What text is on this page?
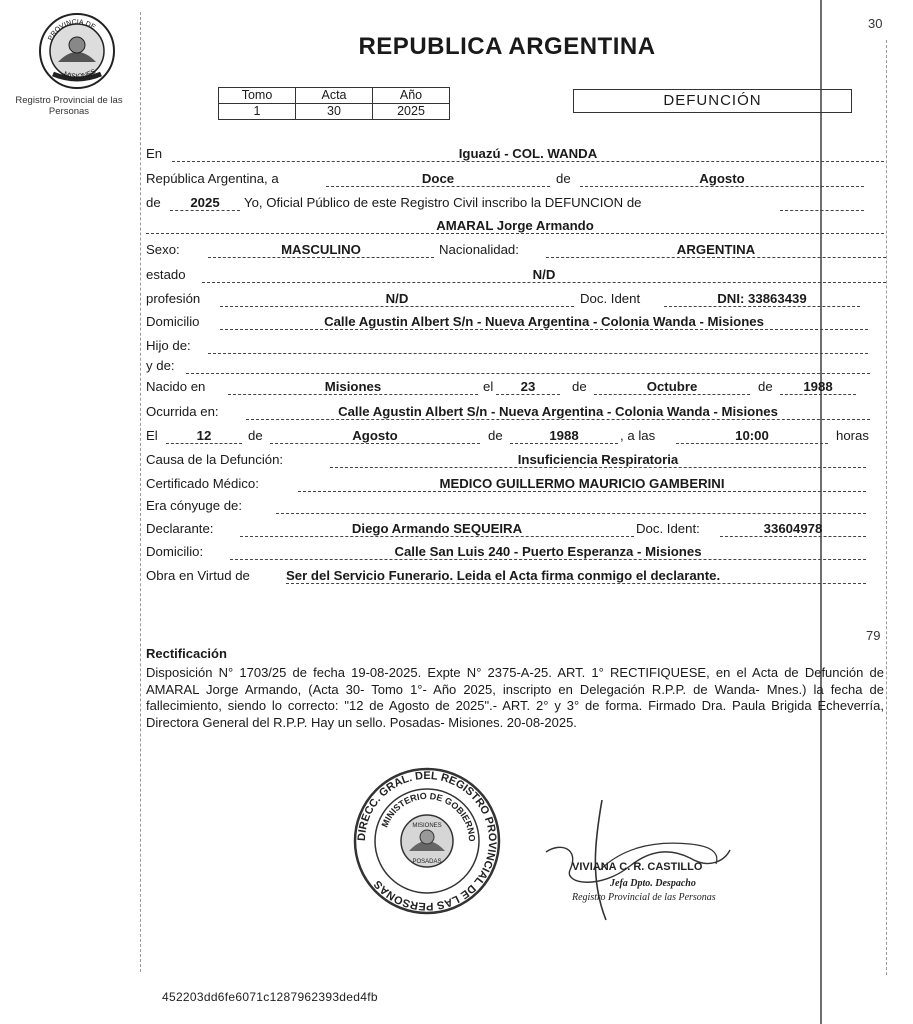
30
PROVINCIA DE
MISIONES
Registro Provincial de las Personas
REPUBLICA ARGENTINA
Tomo	Acta	Año
1	30	2025
DEFUNCIÓN
En	Iguazú - COL. WANDA
República Argentina, a	Doce	de	Agosto
de	2025	Yo, Oficial Público de este Registro Civil inscribo la DEFUNCION de
AMARAL Jorge Armando
Sexo:	MASCULINO	Nacionalidad:	ARGENTINA
estado	N/D
profesión	N/D	Doc. Ident	DNI: 33863439
Domicilio	Calle Agustin Albert S/n - Nueva Argentina - Colonia Wanda - Misiones
Hijo de:
y de:
Nacido en	Misiones	el	23	de	Octubre	de	1988
Ocurrida en:	Calle Agustin Albert S/n - Nueva Argentina - Colonia Wanda - Misiones
El	12	de	Agosto	de	1988	, a las	10:00	horas
Causa de la Defunción:	Insuficiencia Respiratoria
Certificado Médico:	MEDICO GUILLERMO MAURICIO GAMBERINI
Era cónyuge de:
Declarante:	Diego Armando SEQUEIRA	Doc. Ident:	33604978
Domicilio:	Calle San Luis 240 - Puerto Esperanza - Misiones
Obra en Virtud de	Ser del Servicio Funerario. Leida el Acta firma conmigo el declarante.
79
Rectificación
Disposición N° 1703/25 de fecha 19-08-2025. Expte N° 2375-A-25. ART. 1° RECTIFIQUESE, en el Acta de Defunción de AMARAL Jorge Armando, (Acta 30- Tomo 1°- Año 2025, inscripto en Delegación R.P.P. de Wanda- Mnes.) la fecha de fallecimiento, siendo lo correcto: "12 de Agosto de 2025".- ART. 2° y 3° de forma. Firmado Dra. Paula Brigida Echeverría, Directora General del R.P.P. Hay un sello. Posadas- Misiones. 20-08-2025.
DIRECC. GRAL. DEL REGISTRO PROVINCIAL DE LAS PERSONAS
MINISTERIO DE GOBIERNO
MISIONES
POSADAS	VIVIANA C. R. CASTILLO
Jefa Dpto. Despacho
Registro Provincial de las Personas
452203dd6fe6071c1287962393ded4fb
